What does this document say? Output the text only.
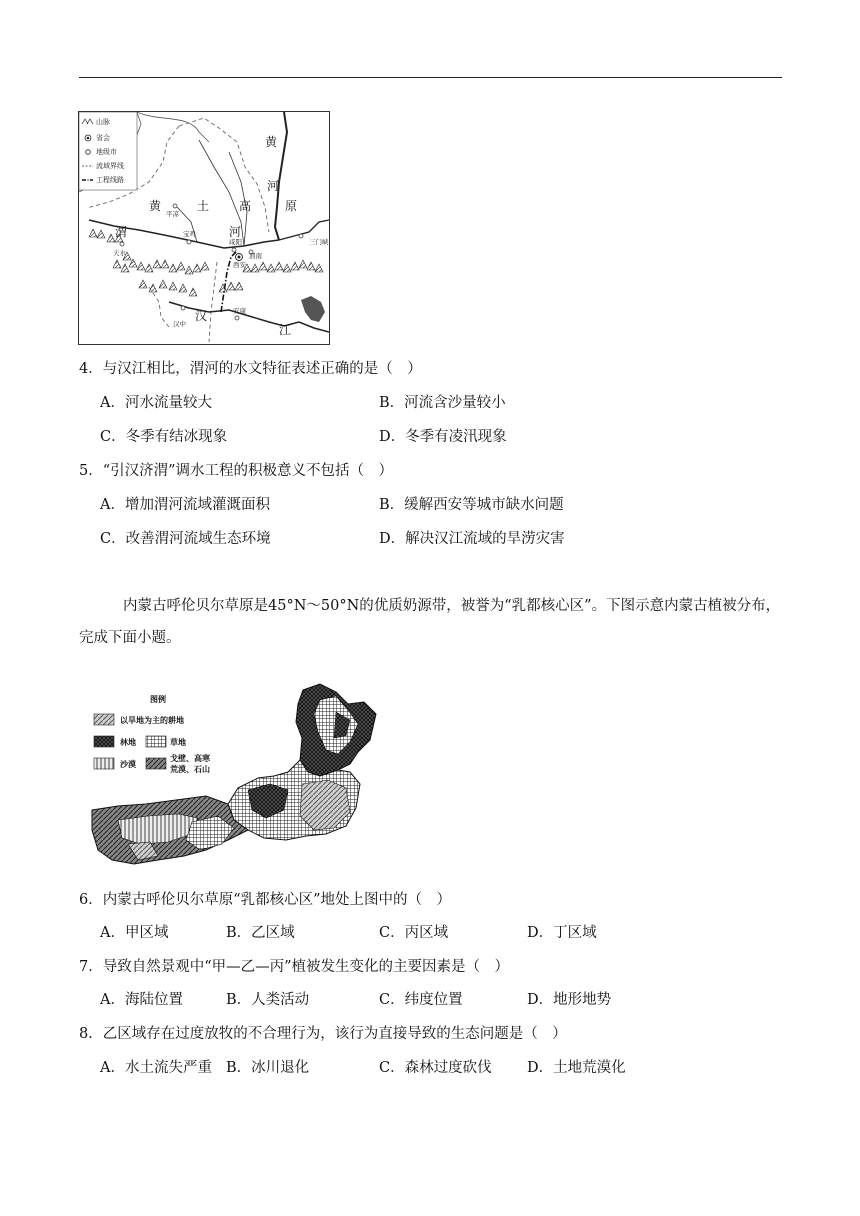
山脉
省会
地级市
流域界线
工程线路
黄
河
黄	土 高	原
渭	河
汉
江
平凉
天水
宝鸡
咸阳
西安
渭南
三门峡
汉中
安康
4．与汉江相比，渭河的水文特征表述正确的是（　）
A．河水流量较大	B．河流含沙量较小
C．冬季有结冰现象	D．冬季有凌汛现象
5．“引汉济渭”调水工程的积极意义不包括（　）
A．增加渭河流域灌溉面积	B．缓解西安等城市缺水问题
C．改善渭河流域生态环境	D．解决汉江流域的旱涝灾害
内蒙古呼伦贝尔草原是45°N～50°N的优质奶源带，被誉为“乳都核心区”。下图示意内蒙古植被分布，完成下面小题。
图例
以旱地为主的耕地
林地	草地
沙漠
戈壁、高寒
荒漠、石山
6．内蒙古呼伦贝尔草原“乳都核心区”地处上图中的（　）
A．甲区域	B．乙区域	C．丙区域	D．丁区域
7．导致自然景观中“甲—乙—丙”植被发生变化的主要因素是（　）
A．海陆位置	B．人类活动	C．纬度位置	D．地形地势
8．乙区域存在过度放牧的不合理行为，该行为直接导致的生态问题是（　）
A．水土流失严重 B．冰川退化	C．森林过度砍伐 D．土地荒漠化
